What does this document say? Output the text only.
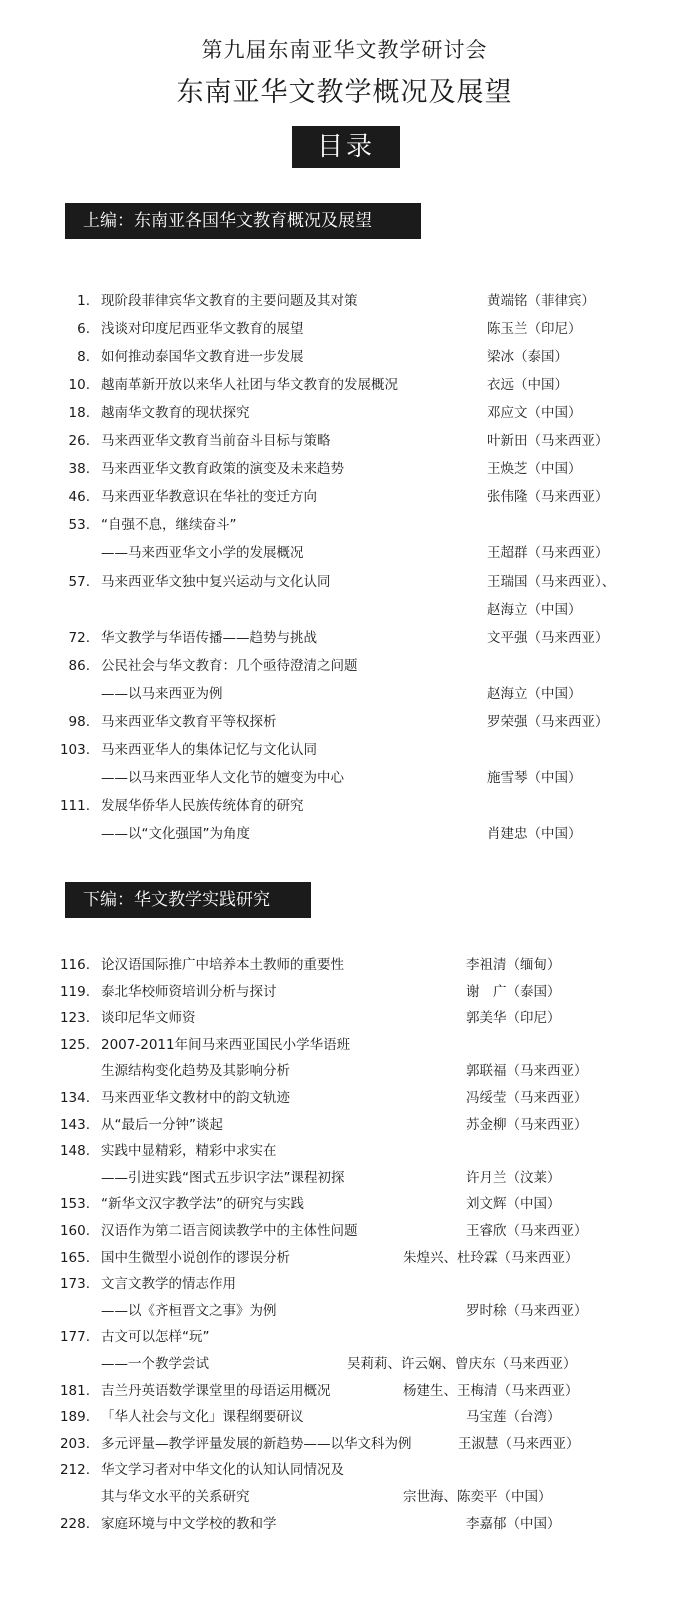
第九届东南亚华文教学研讨会
东南亚华文教学概况及展望
目录
上编：东南亚各国华文教育概况及展望
1. 现阶段菲律宾华文教育的主要问题及其对策	黄端铭（菲律宾）
6. 浅谈对印度尼西亚华文教育的展望	陈玉兰（印尼）
8. 如何推动泰国华文教育进一步发展	梁冰（泰国）
10. 越南革新开放以来华人社团与华文教育的发展概况	衣远（中国）
18. 越南华文教育的现状探究	邓应文（中国）
26. 马来西亚华文教育当前奋斗目标与策略	叶新田（马来西亚）
38. 马来西亚华文教育政策的演变及未来趋势	王焕芝（中国）
46. 马来西亚华教意识在华社的变迁方向	张伟隆（马来西亚）
53. “自强不息，继续奋斗”
——马来西亚华文小学的发展概况	王超群（马来西亚）
57. 马来西亚华文独中复兴运动与文化认同	王瑞国（马来西亚）、
赵海立（中国）
72. 华文教学与华语传播——趋势与挑战	文平强（马来西亚）
86. 公民社会与华文教育：几个亟待澄清之问题
——以马来西亚为例	赵海立（中国）
98. 马来西亚华文教育平等权探析	罗荣强（马来西亚）
103. 马来西亚华人的集体记忆与文化认同
——以马来西亚华人文化节的嬗变为中心	施雪琴（中国）
111. 发展华侨华人民族传统体育的研究
——以“文化强国”为角度	肖建忠（中国）
下编：华文教学实践研究
116. 论汉语国际推广中培养本土教师的重要性	李祖清（缅甸）
119. 泰北华校师资培训分析与探讨	谢　广（泰国）
123. 谈印尼华文师资	郭美华（印尼）
125. 2007-2011年间马来西亚国民小学华语班
生源结构变化趋势及其影响分析	郭联福（马来西亚）
134. 马来西亚华文教材中的韵文轨迹	冯绥莹（马来西亚）
143. 从“最后一分钟”谈起	苏金柳（马来西亚）
148. 实践中显精彩，精彩中求实在
——引进实践“图式五步识字法”课程初探	许月兰（汶莱）
153. “新华文汉字教学法”的研究与实践	刘文辉（中国）
160. 汉语作为第二语言阅读教学中的主体性问题	王睿欣（马来西亚）
165. 国中生微型小说创作的谬误分析	朱煌兴、杜玲霖（马来西亚）
173. 文言文教学的情志作用
——以《齐桓晋文之事》为例	罗时稌（马来西亚）
177. 古文可以怎样“玩”
——一个教学尝试	吴莉莉、许云娴、曾庆东（马来西亚）
181. 吉兰丹英语数学课堂里的母语运用概况	杨建生、王梅清（马来西亚）
189. 「华人社会与文化」课程纲要研议	马宝莲（台湾）
203. 多元评量—教学评量发展的新趋势——以华文科为例	王淑慧（马来西亚）
212. 华文学习者对中华文化的认知认同情况及
其与华文水平的关系研究	宗世海、陈奕平（中国）
228. 家庭环境与中文学校的教和学	李嘉郁（中国）
